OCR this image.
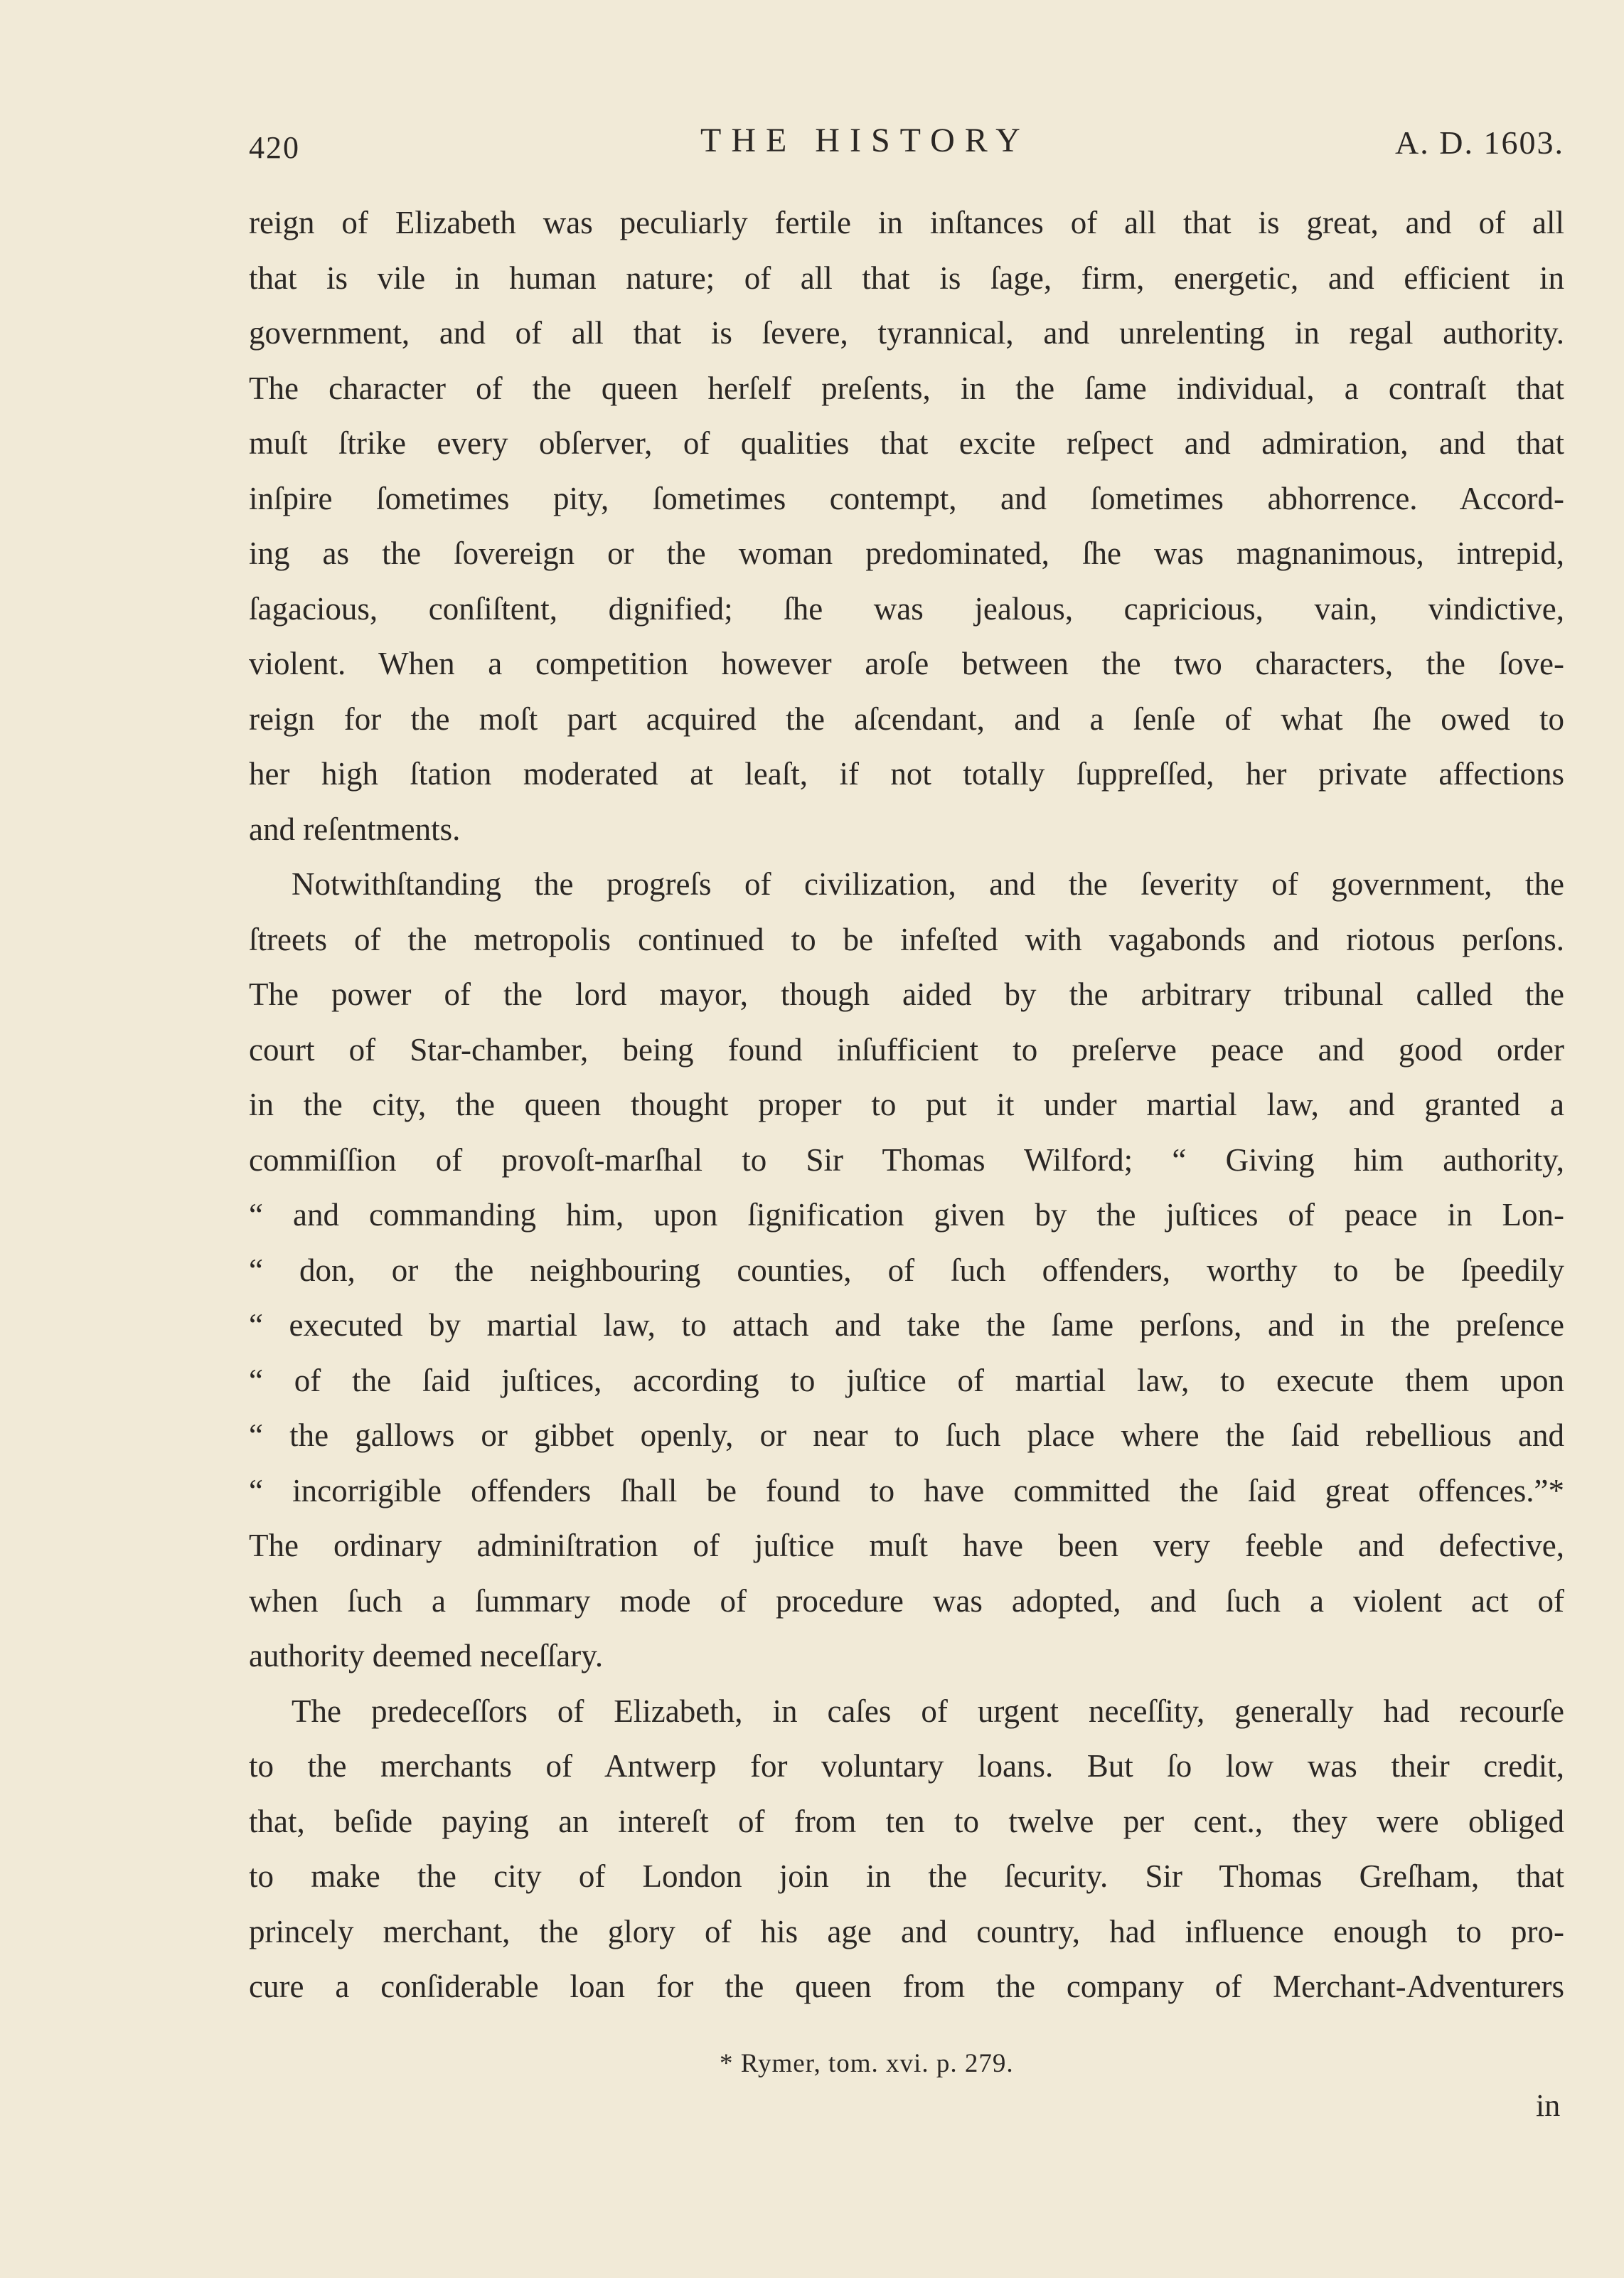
420	THE HISTORY	A. D. 1603.
reign of Elizabeth was peculiarly fertile in inſtances of all that is great, and of all
that is vile in human nature; of all that is ſage, firm, energetic, and efficient in
government, and of all that is ſevere, tyrannical, and unrelenting in regal authority.
The character of the queen herſelf preſents, in the ſame individual, a contraſt that
muſt ſtrike every obſerver, of qualities that excite reſpect and admiration, and that
inſpire ſometimes pity, ſometimes contempt, and ſometimes abhorrence. Accord-
ing as the ſovereign or the woman predominated, ſhe was magnanimous, intrepid,
ſagacious, conſiſtent, dignified; ſhe was jealous, capricious, vain, vindictive,
violent. When a competition however aroſe between the two characters, the ſove-
reign for the moſt part acquired the aſcendant, and a ſenſe of what ſhe owed to
her high ſtation moderated at leaſt, if not totally ſuppreſſed, her private affections
and reſentments.
Notwithſtanding the progreſs of civilization, and the ſeverity of government, the
ſtreets of the metropolis continued to be infeſted with vagabonds and riotous perſons.
The power of the lord mayor, though aided by the arbitrary tribunal called the
court of Star-chamber, being found inſufficient to preſerve peace and good order
in the city, the queen thought proper to put it under martial law, and granted a
commiſſion of provoſt-marſhal to Sir Thomas Wilford; “ Giving him authority,
“ and commanding him, upon ſignification given by the juſtices of peace in Lon-
“ don, or the neighbouring counties, of ſuch offenders, worthy to be ſpeedily
“ executed by martial law, to attach and take the ſame perſons, and in the preſence
“ of the ſaid juſtices, according to juſtice of martial law, to execute them upon
“ the gallows or gibbet openly, or near to ſuch place where the ſaid rebellious and
“ incorrigible offenders ſhall be found to have committed the ſaid great offences.”*
The ordinary adminiſtration of juſtice muſt have been very feeble and defective,
when ſuch a ſummary mode of procedure was adopted, and ſuch a violent act of
authority deemed neceſſary.
The predeceſſors of Elizabeth, in caſes of urgent neceſſity, generally had recourſe
to the merchants of Antwerp for voluntary loans. But ſo low was their credit,
that, beſide paying an intereſt of from ten to twelve per cent., they were obliged
to make the city of London join in the ſecurity. Sir Thomas Greſham, that
princely merchant, the glory of his age and country, had influence enough to pro-
cure a conſiderable loan for the queen from the company of Merchant-Adventurers
* Rymer, tom. xvi. p. 279.
in
